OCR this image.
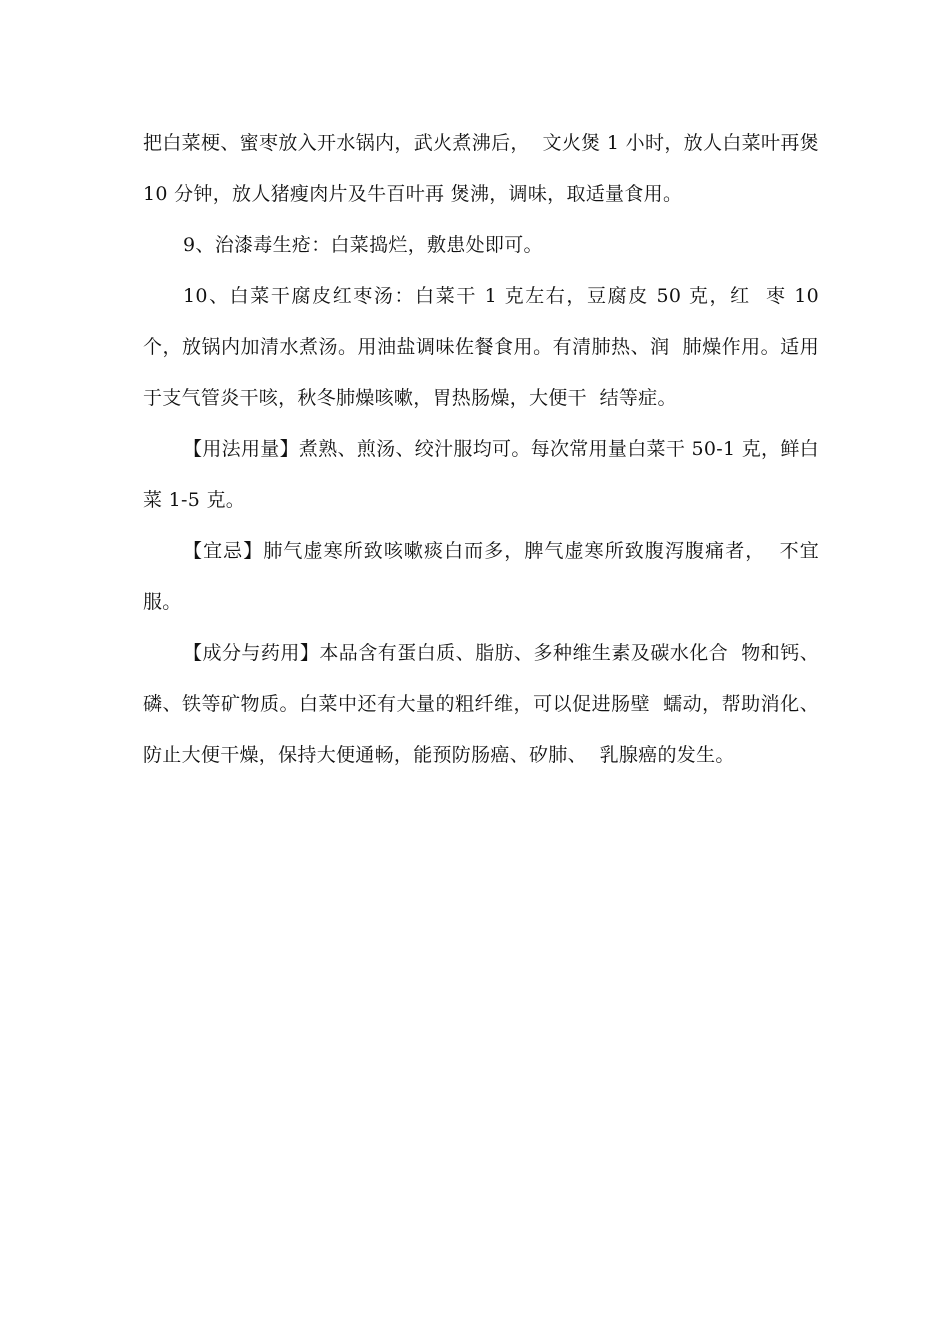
把白菜梗、蜜枣放入开水锅内，武火煮沸后，  文火煲 1 小时，放人白菜叶再煲 10 分钟，放人猪瘦肉片及牛百叶再 煲沸，调味，取适量食用。

9、治漆毒生疮：白菜捣烂，敷患处即可。

10、白菜干腐皮红枣汤：白菜干 1 克左右，豆腐皮 50 克，红  枣 10 个，放锅内加清水煮汤。用油盐调味佐餐食用。有清肺热、润  肺燥作用。适用于支气管炎干咳，秋冬肺燥咳嗽，胃热肠燥，大便干  结等症。

【用法用量】煮熟、煎汤、绞汁服均可。每次常用量白菜干 50-1 克，鲜白菜 1-5 克。

【宜忌】肺气虚寒所致咳嗽痰白而多，脾气虚寒所致腹泻腹痛者，  不宜服。

【成分与药用】本品含有蛋白质、脂肪、多种维生素及碳水化合  物和钙、磷、铁等矿物质。白菜中还有大量的粗纤维，可以促进肠壁  蠕动，帮助消化、防止大便干燥，保持大便通畅，能预防肠癌、矽肺、  乳腺癌的发生。
